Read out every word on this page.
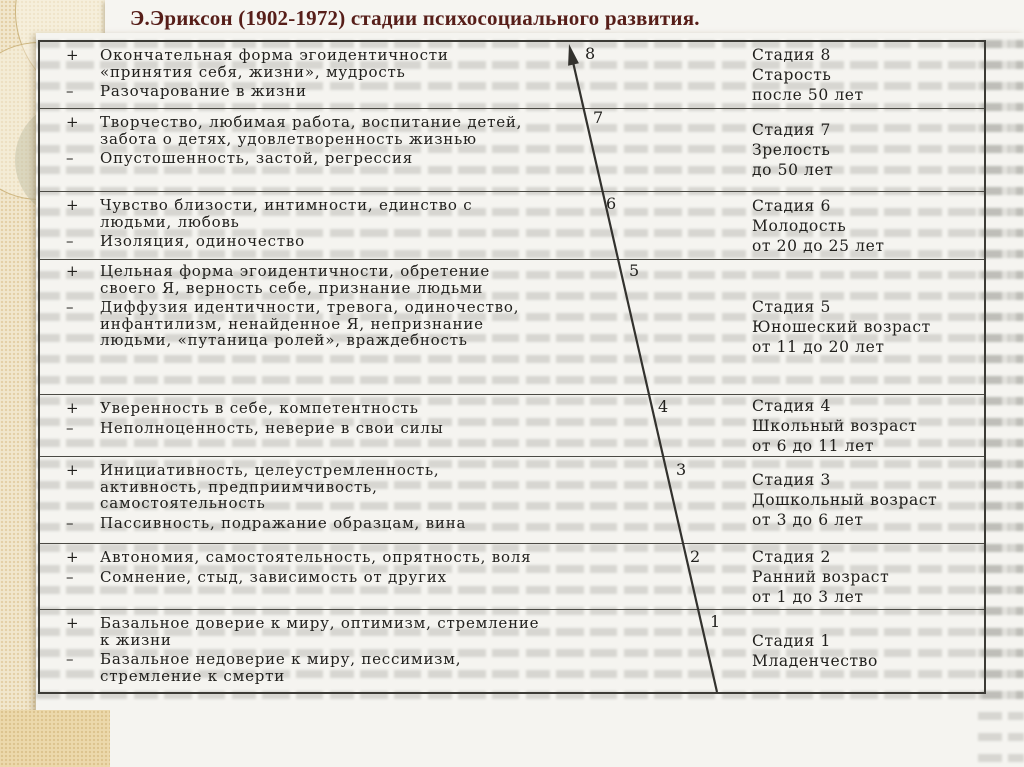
Э.Эриксон (1902-1972) стадии психосоциального развития.
8
7
6
5
4
3
2
1
+	Окончательная форма эгоидентичности «принятия себя, жизни», мудрость
–	Разочарование в жизни
Стадия 8
Старость
после 50 лет
+	Творчество, любимая работа, воспитание детей, забота о детях, удовлетворенность жизнью
–	Опустошенность, застой, регрессия
Стадия 7
Зрелость
до 50 лет
+	Чувство близости, интимности, единство с людьми, любовь
–	Изоляция, одиночество
Стадия 6
Молодость
от 20 до 25 лет
+	Цельная форма эгоидентичности, обретение своего Я, верность себе, признание людьми
–	Диффузия идентичности, тревога, одиночество, инфантилизм, ненайденное Я, непризнание людьми, «путаница ролей», враждебность
Стадия 5
Юношеский возраст
от 11 до 20 лет
+	Уверенность в себе, компетентность
–	Неполноценность, неверие в свои силы
Стадия 4
Школьный возраст
от 6 до 11 лет
+	Инициативность, целеустремленность, активность, предприимчивость, самостоятельность
–	Пассивность, подражание образцам, вина
Стадия 3
Дошкольный возраст
от 3 до 6 лет
+	Автономия, самостоятельность, опрятность, воля
–	Сомнение, стыд, зависимость от других
Стадия 2
Ранний возраст
от 1 до 3 лет
+	Базальное доверие к миру, оптимизм, стремление к жизни
–	Базальное недоверие к миру, пессимизм, стремление к смерти
Стадия 1
Младенчество
